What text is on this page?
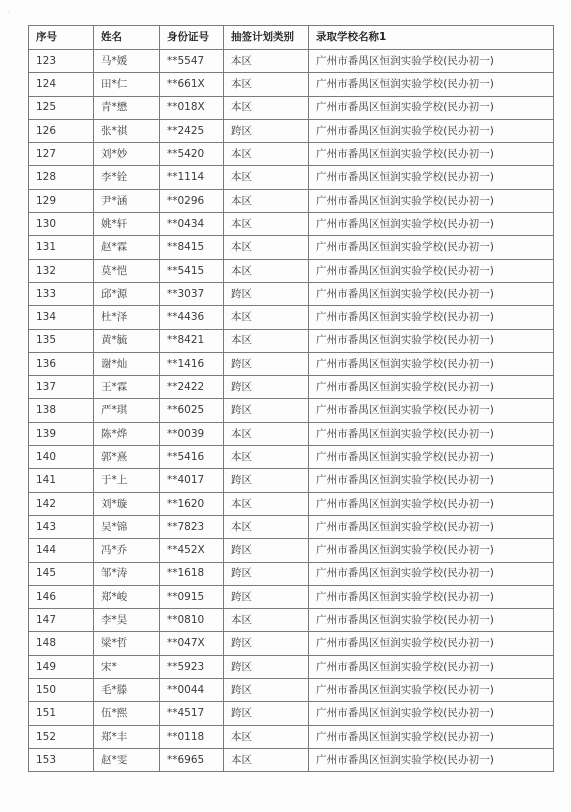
·
序号	姓名	身份证号	抽签计划类别	录取学校名称1
123	马*媛	**5547	本区	广州市番禺区恒润实验学校(民办初一)
124	田*仁	**661X	本区	广州市番禺区恒润实验学校(民办初一)
125	青*懋	**018X	本区	广州市番禺区恒润实验学校(民办初一)
126	张*祺	**2425	跨区	广州市番禺区恒润实验学校(民办初一)
127	刘*妙	**5420	本区	广州市番禺区恒润实验学校(民办初一)
128	李*铨	**1114	本区	广州市番禺区恒润实验学校(民办初一)
129	尹*涵	**0296	本区	广州市番禺区恒润实验学校(民办初一)
130	姚*轩	**0434	本区	广州市番禺区恒润实验学校(民办初一)
131	赵*霖	**8415	本区	广州市番禺区恒润实验学校(民办初一)
132	莫*恺	**5415	本区	广州市番禺区恒润实验学校(民办初一)
133	邱*源	**3037	跨区	广州市番禺区恒润实验学校(民办初一)
134	杜*泽	**4436	本区	广州市番禺区恒润实验学校(民办初一)
135	黄*毓	**8421	本区	广州市番禺区恒润实验学校(民办初一)
136	谢*灿	**1416	跨区	广州市番禺区恒润实验学校(民办初一)
137	王*霖	**2422	跨区	广州市番禺区恒润实验学校(民办初一)
138	严*琪	**6025	跨区	广州市番禺区恒润实验学校(民办初一)
139	陈*烨	**0039	本区	广州市番禺区恒润实验学校(民办初一)
140	郭*熹	**5416	本区	广州市番禺区恒润实验学校(民办初一)
141	于*上	**4017	跨区	广州市番禺区恒润实验学校(民办初一)
142	刘*璇	**1620	本区	广州市番禺区恒润实验学校(民办初一)
143	吴*锦	**7823	本区	广州市番禺区恒润实验学校(民办初一)
144	冯*乔	**452X	跨区	广州市番禺区恒润实验学校(民办初一)
145	邹*涛	**1618	跨区	广州市番禺区恒润实验学校(民办初一)
146	郑*峻	**0915	跨区	广州市番禺区恒润实验学校(民办初一)
147	李*昊	**0810	本区	广州市番禺区恒润实验学校(民办初一)
148	梁*哲	**047X	跨区	广州市番禺区恒润实验学校(民办初一)
149	宋*	**5923	跨区	广州市番禺区恒润实验学校(民办初一)
150	毛*滕	**0044	跨区	广州市番禺区恒润实验学校(民办初一)
151	伍*熙	**4517	跨区	广州市番禺区恒润实验学校(民办初一)
152	郑*丰	**0118	本区	广州市番禺区恒润实验学校(民办初一)
153	赵*雯	**6965	本区	广州市番禺区恒润实验学校(民办初一)
